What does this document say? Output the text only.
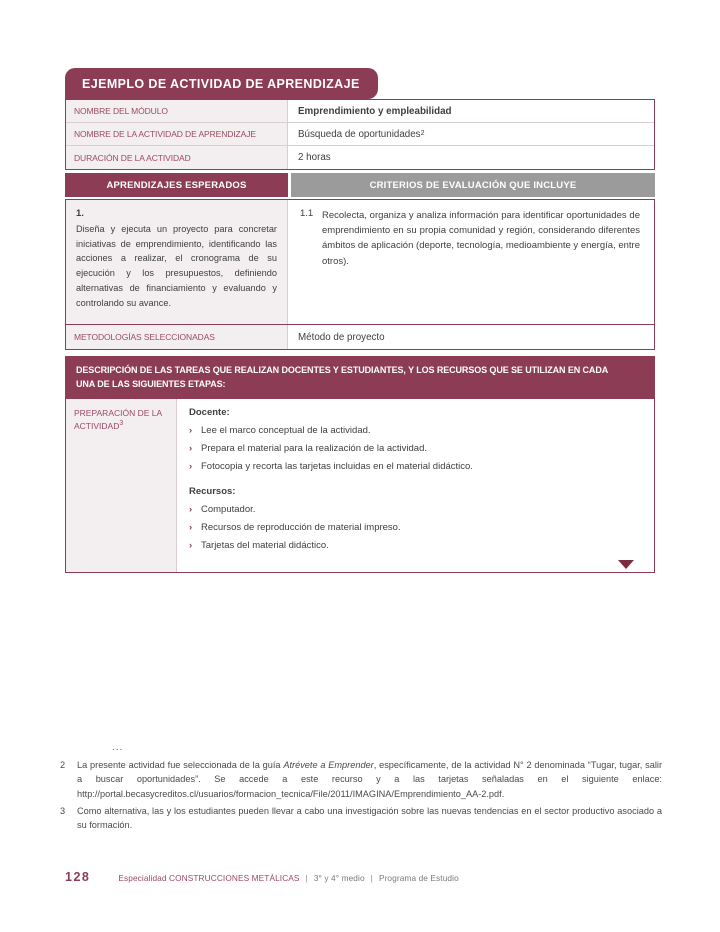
EJEMPLO DE ACTIVIDAD DE APRENDIZAJE
NOMBRE DEL MÓDULO	Emprendimiento y empleabilidad
NOMBRE DE LA ACTIVIDAD DE APRENDIZAJE	Búsqueda de oportunidades 2
DURACIÓN DE LA ACTIVIDAD	2 horas
APRENDIZAJES ESPERADOS	CRITERIOS DE EVALUACIÓN QUE INCLUYE

1.

Diseña y ejecuta un proyecto para concretar iniciativas de emprendimiento, identificando las acciones a realizar, el cronograma de su ejecución y los presupuestos, definiendo alternativas de financiamiento y evaluando y controlando su avance.

1.1 Recolecta, organiza y analiza información para identificar oportunidades de emprendimiento en su propia comunidad y región, considerando diferentes ámbitos de aplicación (deporte, tecnología, medioambiente y energía, entre otros).
METODOLOGÍAS SELECCIONADAS	Método de proyecto
DESCRIPCIÓN DE LAS TAREAS QUE REALIZAN DOCENTES Y ESTUDIANTES, Y LOS RECURSOS QUE SE UTILIZAN EN CADA UNA DE LAS SIGUIENTES ETAPAS:
PREPARACIÓN DE LA ACTIVIDAD$^3$
Docente:
› Lee el marco conceptual de la actividad.
› Prepara el material para la realización de la actividad.
› Fotocopia y recorta las tarjetas incluidas en el material didáctico.
Recursos:
› Computador.
› Recursos de reproducción de material impreso.
› Tarjetas del material didáctico.
...
2	La presente actividad fue seleccionada de la guía Atrévete a Emprender, específicamente, de la actividad N° 2 denominada “Tugar, tugar, salir a buscar oportunidades”. Se accede a este recurso y a las tarjetas señaladas en el siguiente enlace: http://portal.becasycreditos.cl/usuarios/formacion_tecnica/File/2011/IMAGINA/Emprendimiento_AA-2.pdf.
3	Como alternativa, las y los estudiantes pueden llevar a cabo una investigación sobre las nuevas tendencias en el sector productivo asociado a su formación.
128	Especialidad CONSTRUCCIONES METÁLICAS | 3° y 4° medio | Programa de Estudio
